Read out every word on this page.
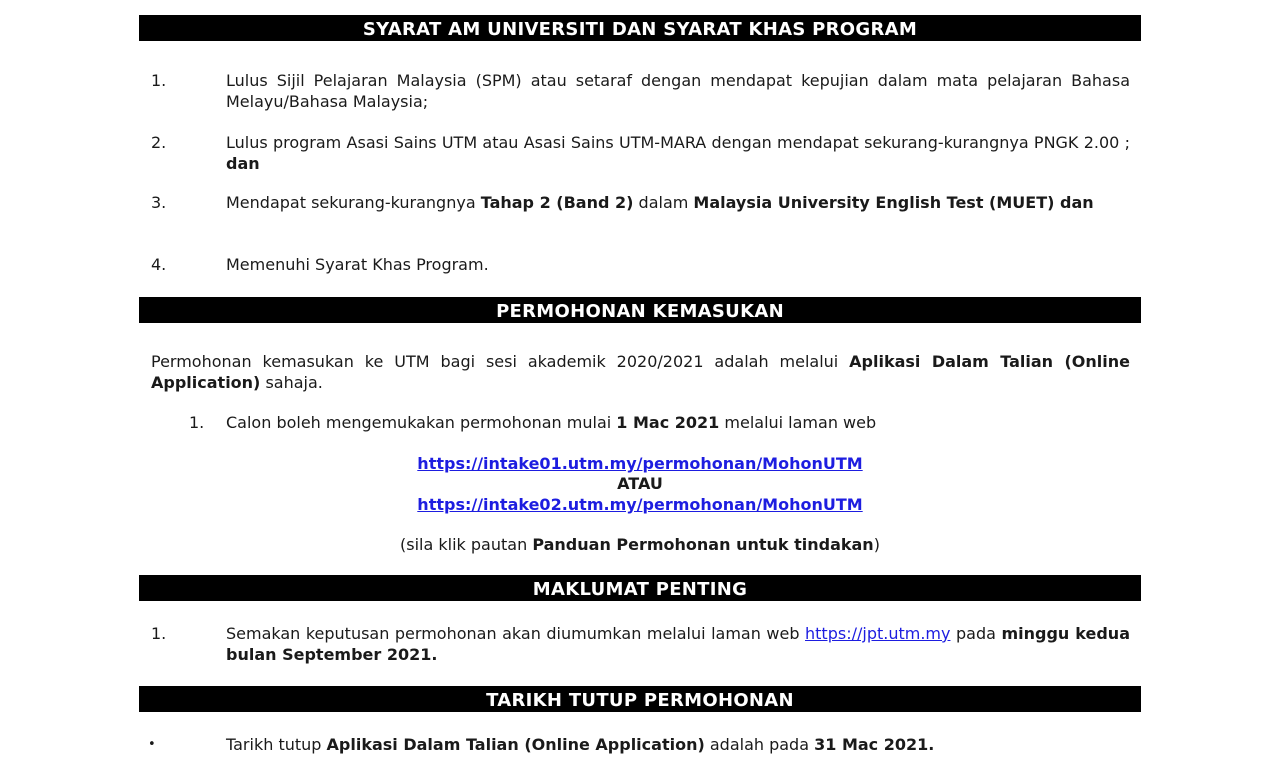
SYARAT AM UNIVERSITI DAN SYARAT KHAS PROGRAM
1.	Lulus Sijil Pelajaran Malaysia (SPM) atau setaraf dengan mendapat kepujian dalam mata pelajaran Bahasa Melayu/Bahasa Malaysia;
2.	Lulus program Asasi Sains UTM atau Asasi Sains UTM-MARA dengan mendapat sekurang-kurangnya PNGK 2.00 ; dan
3.	Mendapat sekurang-kurangnya Tahap 2 (Band 2) dalam Malaysia University English Test (MUET) dan
4.	Memenuhi Syarat Khas Program.
PERMOHONAN KEMASUKAN
Permohonan kemasukan ke UTM bagi sesi akademik 2020/2021 adalah melalui Aplikasi Dalam Talian (Online Application) sahaja.
1. Calon boleh mengemukakan permohonan mulai 1 Mac 2021 melalui laman web
https://intake01.utm.my/permohonan/MohonUTM
ATAU
https://intake02.utm.my/permohonan/MohonUTM
(sila klik pautan Panduan Permohonan untuk tindakan)
MAKLUMAT PENTING
1.	Semakan keputusan permohonan akan diumumkan melalui laman web https://jpt.utm.my pada minggu kedua bulan September 2021.
TARIKH TUTUP PERMOHONAN
•	Tarikh tutup Aplikasi Dalam Talian (Online Application) adalah pada 31 Mac 2021.
